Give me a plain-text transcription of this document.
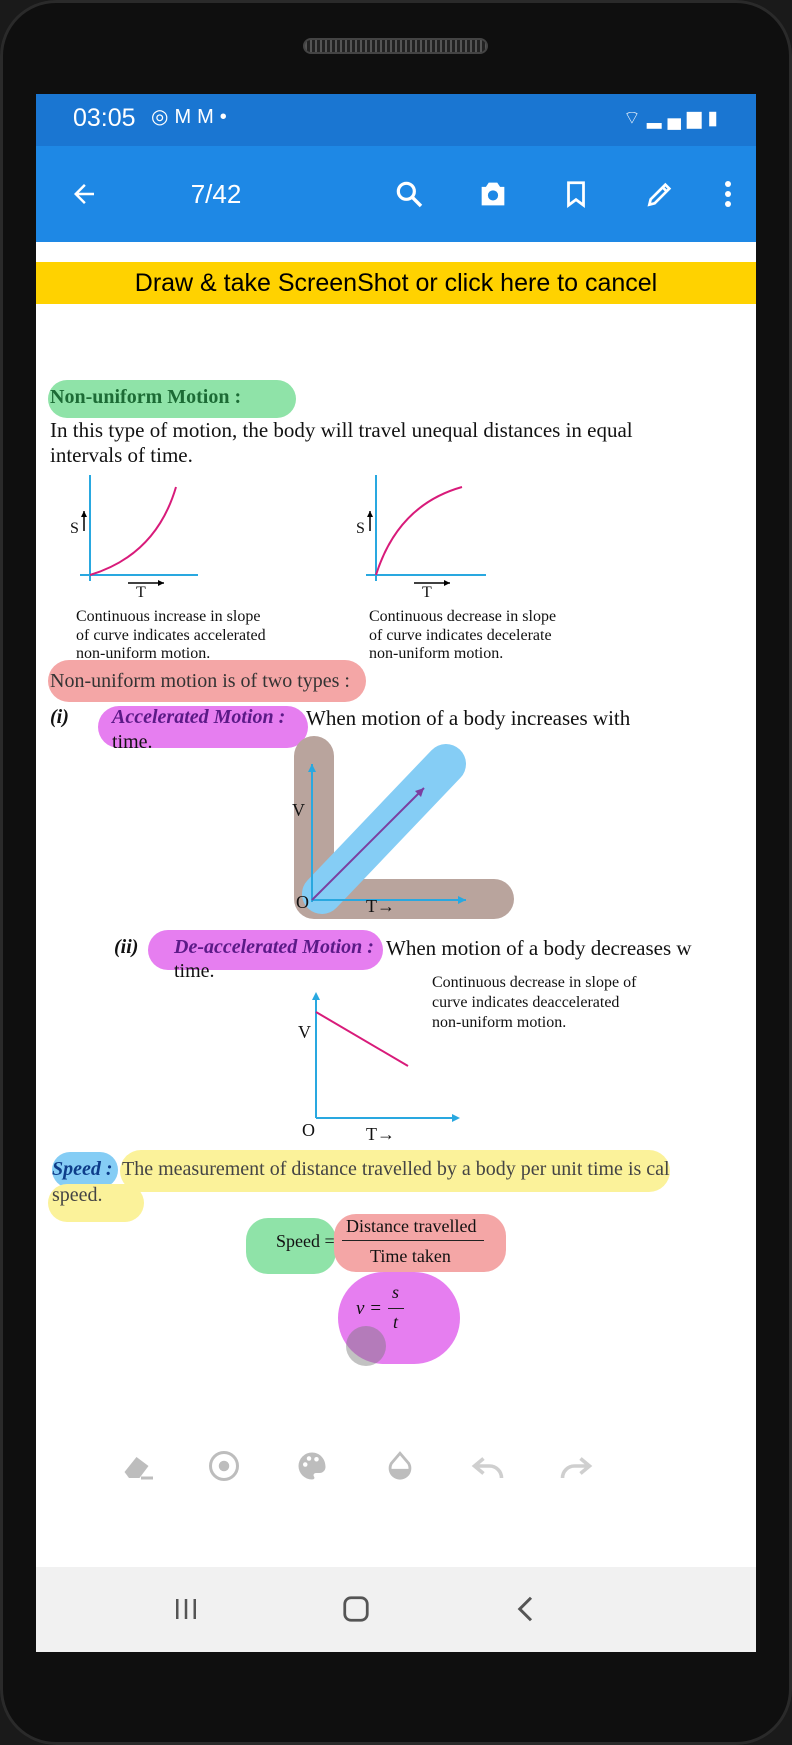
03:05 ◎MM•	⌔▂▄▆▮
7/42
Draw & take ScreenShot or click here to cancel
Non-uniform Motion :
In this type of motion, the body will travel unequal distances in equal
intervals of time.
S
T
Continuous increase in slope
of curve indicates accelerated
non-uniform motion.
S
T
Continuous decrease in slope
of curve indicates decelerate
non-uniform motion.
Non-uniform motion is of two types :
(i) Accelerated Motion : When motion of a body increases with
time.
V
O	T→
(ii) De-accelerated Motion : When motion of a body decreases w
time.
Continuous decrease in slope of
curve indicates deaccelerated
non-uniform motion.
V
O	T→
Speed : The measurement of distance travelled by a body per unit time is cal
speed.
Speed =
Distance travelled
Time taken
v =
s
t
